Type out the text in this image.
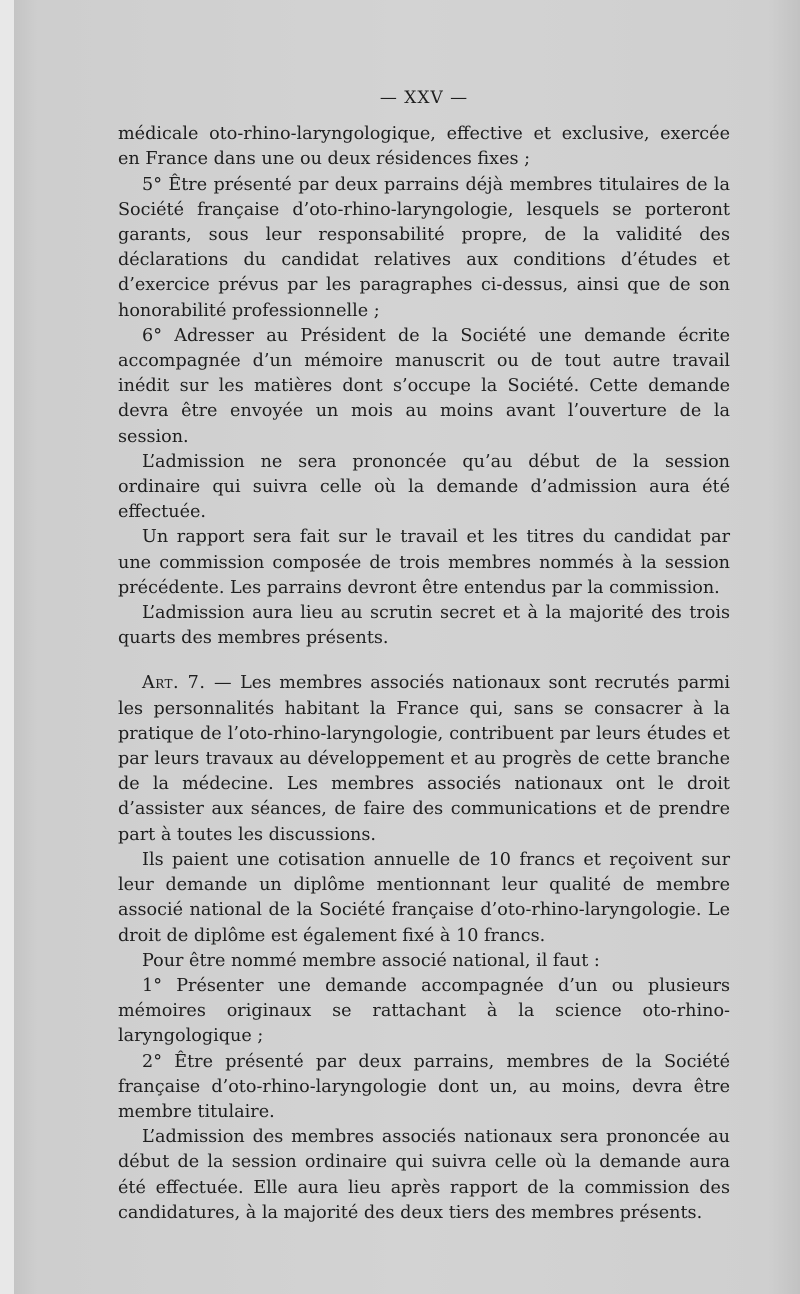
— XXV —

médicale oto-rhino-laryngologique, effective et exclusive, exercée en France dans une ou deux résidences fixes ;

5° Être présenté par deux parrains déjà membres titulaires de la Société française d’oto-rhino-laryngologie, lesquels se porteront garants, sous leur responsabilité propre, de la validité des déclarations du candidat relatives aux conditions d’études et d’exercice prévus par les paragraphes ci-dessus, ainsi que de son honorabilité professionnelle ;

6° Adresser au Président de la Société une demande écrite accompagnée d’un mémoire manuscrit ou de tout autre travail inédit sur les matières dont s’occupe la Société. Cette demande devra être envoyée un mois au moins avant l’ouverture de la session.

L’admission ne sera prononcée qu’au début de la session ordinaire qui suivra celle où la demande d’admission aura été effectuée.

Un rapport sera fait sur le travail et les titres du candidat par une commission composée de trois membres nommés à la session précédente. Les parrains devront être entendus par la commission.

L’admission aura lieu au scrutin secret et à la majorité des trois quarts des membres présents.

Art. 7. — Les membres associés nationaux sont recrutés parmi les personnalités habitant la France qui, sans se consacrer à la pratique de l’oto-rhino-laryngologie, contribuent par leurs études et par leurs travaux au développement et au progrès de cette branche de la médecine. Les membres associés nationaux ont le droit d’assister aux séances, de faire des communications et de prendre part à toutes les discussions.

Ils paient une cotisation annuelle de 10 francs et reçoivent sur leur demande un diplôme mentionnant leur qualité de membre associé national de la Société française d’oto-rhino-laryngologie. Le droit de diplôme est également fixé à 10 francs.

Pour être nommé membre associé national, il faut :

1° Présenter une demande accompagnée d’un ou plusieurs mémoires originaux se rattachant à la science oto-rhino-laryngologique ;

2° Être présenté par deux parrains, membres de la Société française d’oto-rhino-laryngologie dont un, au moins, devra être membre titulaire.

L’admission des membres associés nationaux sera prononcée au début de la session ordinaire qui suivra celle où la demande aura été effectuée. Elle aura lieu après rapport de la commission des candidatures, à la majorité des deux tiers des membres présents.
